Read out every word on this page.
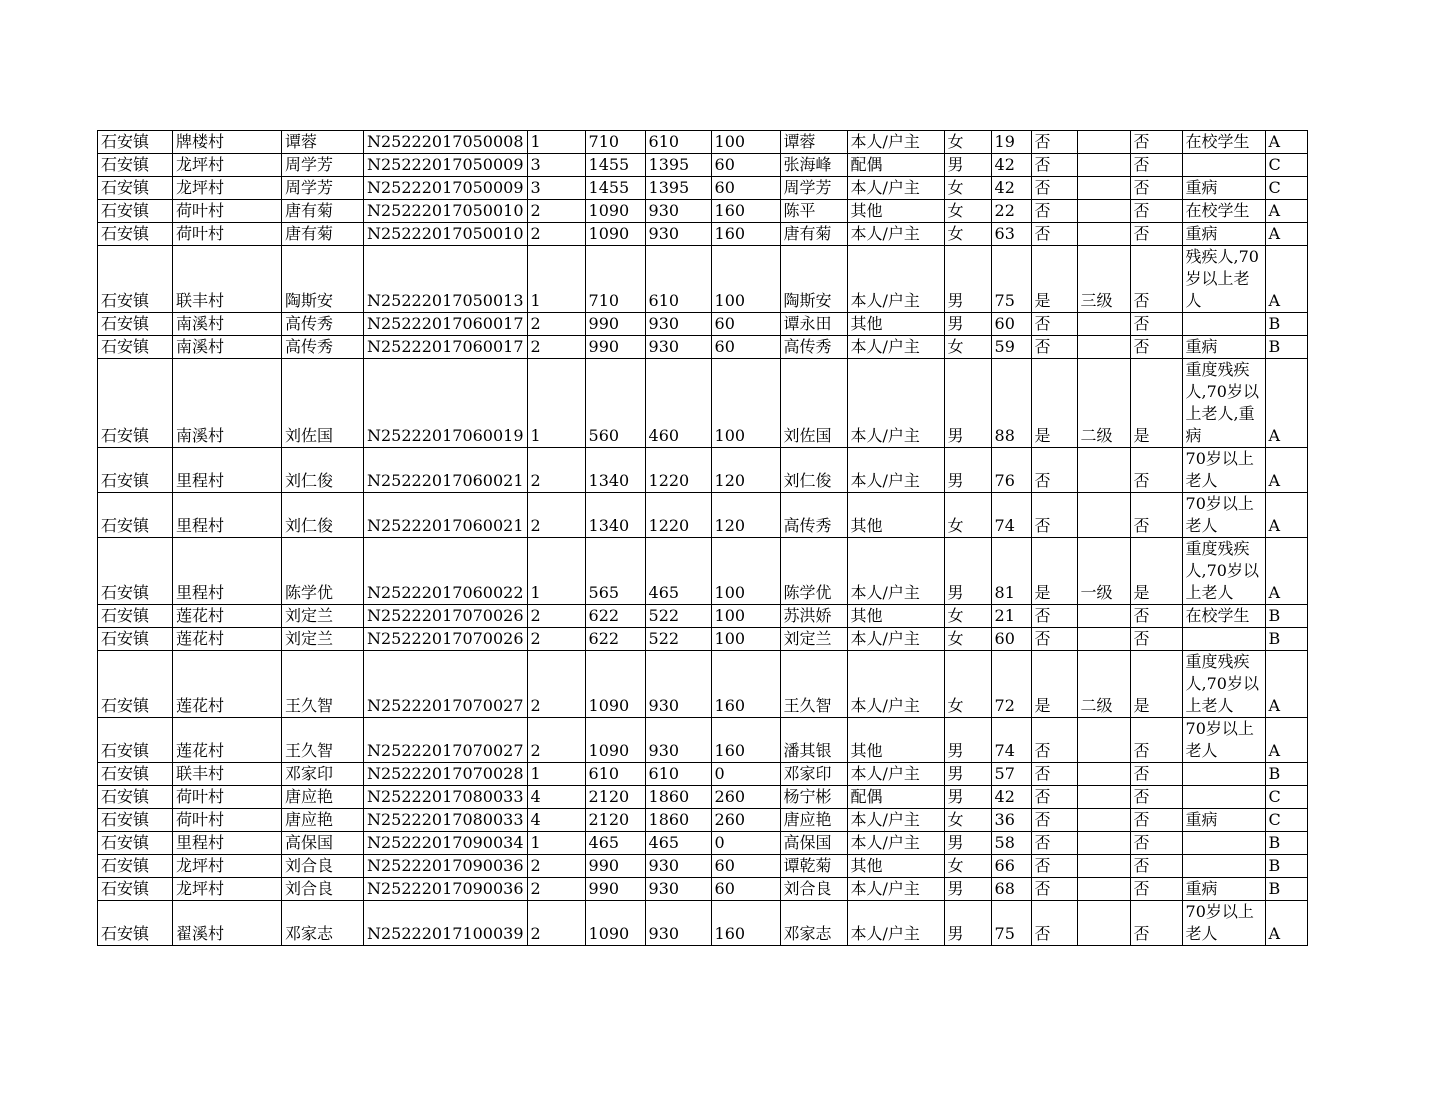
石安镇	牌楼村	谭蓉	N25222017050008	1	710	610	100	谭蓉	本人/户主	女	19	否		否	在校学生	A
石安镇	龙坪村	周学芳	N25222017050009	3	1455	1395	60	张海峰	配偶	男	42	否		否		C
石安镇	龙坪村	周学芳	N25222017050009	3	1455	1395	60	周学芳	本人/户主	女	42	否		否	重病	C
石安镇	荷叶村	唐有菊	N25222017050010	2	1090	930	160	陈平	其他	女	22	否		否	在校学生	A
石安镇	荷叶村	唐有菊	N25222017050010	2	1090	930	160	唐有菊	本人/户主	女	63	否		否	重病	A
石安镇	联丰村	陶斯安	N25222017050013	1	710	610	100	陶斯安	本人/户主	男	75	是	三级	否	残疾人,70岁以上老人	A
石安镇	南溪村	高传秀	N25222017060017	2	990	930	60	谭永田	其他	男	60	否		否		B
石安镇	南溪村	高传秀	N25222017060017	2	990	930	60	高传秀	本人/户主	女	59	否		否	重病	B
石安镇	南溪村	刘佐国	N25222017060019	1	560	460	100	刘佐国	本人/户主	男	88	是	二级	是	重度残疾人,70岁以上老人,重病	A
石安镇	里程村	刘仁俊	N25222017060021	2	1340	1220	120	刘仁俊	本人/户主	男	76	否		否	70岁以上老人	A
石安镇	里程村	刘仁俊	N25222017060021	2	1340	1220	120	高传秀	其他	女	74	否		否	70岁以上老人	A
石安镇	里程村	陈学优	N25222017060022	1	565	465	100	陈学优	本人/户主	男	81	是	一级	是	重度残疾人,70岁以上老人	A
石安镇	莲花村	刘定兰	N25222017070026	2	622	522	100	苏洪娇	其他	女	21	否		否	在校学生	B
石安镇	莲花村	刘定兰	N25222017070026	2	622	522	100	刘定兰	本人/户主	女	60	否		否		B
石安镇	莲花村	王久智	N25222017070027	2	1090	930	160	王久智	本人/户主	女	72	是	二级	是	重度残疾人,70岁以上老人	A
石安镇	莲花村	王久智	N25222017070027	2	1090	930	160	潘其银	其他	男	74	否		否	70岁以上老人	A
石安镇	联丰村	邓家印	N25222017070028	1	610	610	0	邓家印	本人/户主	男	57	否		否		B
石安镇	荷叶村	唐应艳	N25222017080033	4	2120	1860	260	杨宁彬	配偶	男	42	否		否		C
石安镇	荷叶村	唐应艳	N25222017080033	4	2120	1860	260	唐应艳	本人/户主	女	36	否		否	重病	C
石安镇	里程村	高保国	N25222017090034	1	465	465	0	高保国	本人/户主	男	58	否		否		B
石安镇	龙坪村	刘合良	N25222017090036	2	990	930	60	谭乾菊	其他	女	66	否		否		B
石安镇	龙坪村	刘合良	N25222017090036	2	990	930	60	刘合良	本人/户主	男	68	否		否	重病	B
石安镇	翟溪村	邓家志	N25222017100039	2	1090	930	160	邓家志	本人/户主	男	75	否		否	70岁以上老人	A
